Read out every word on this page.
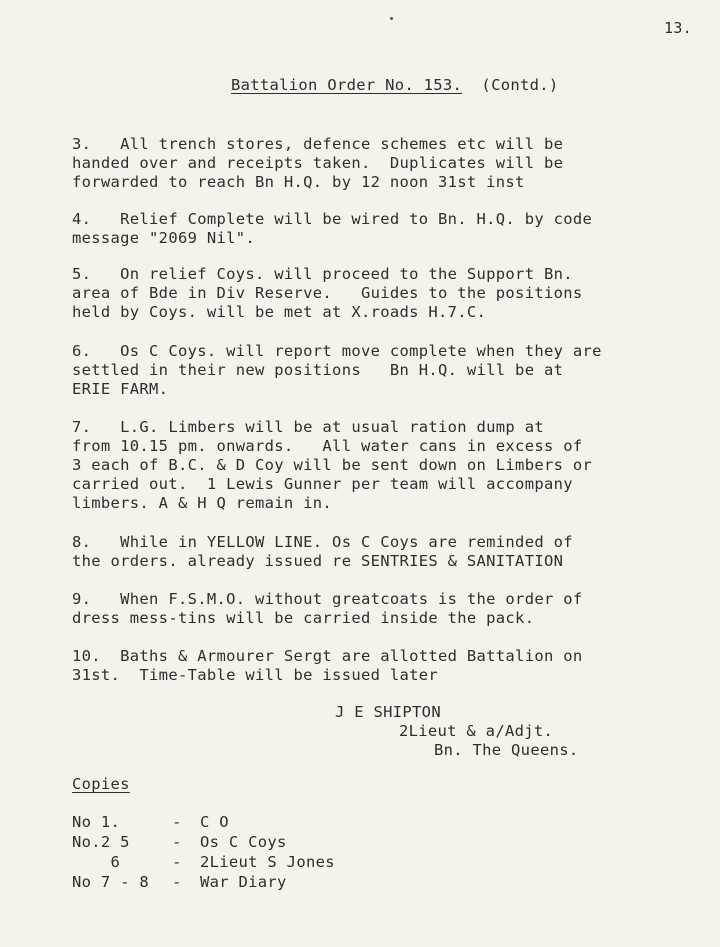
13.
Battalion Order No. 153.  (Contd.)
3.   All trench stores, defence schemes etc will be
handed over and receipts taken.  Duplicates will be
forwarded to reach Bn H.Q. by 12 noon 31st inst
4.   Relief Complete will be wired to Bn. H.Q. by code
message "2069 Nil".
5.   On relief Coys. will proceed to the Support Bn.
area of Bde in Div Reserve.   Guides to the positions
held by Coys. will be met at X.roads H.7.C.
6.   Os C Coys. will report move complete when they are
settled in their new positions   Bn H.Q. will be at
ERIE FARM.
7.   L.G. Limbers will be at usual ration dump at
from 10.15 pm. onwards.   All water cans in excess of
3 each of B.C. & D Coy will be sent down on Limbers or
carried out.  1 Lewis Gunner per team will accompany
limbers. A & H Q remain in.
8.   While in YELLOW LINE. Os C Coys are reminded of
the orders. already issued re SENTRIES & SANITATION
9.   When F.S.M.O. without greatcoats is the order of
dress mess-tins will be carried inside the pack.
10.  Baths & Armourer Sergt are allotted Battalion on
31st.  Time-Table will be issued later
J E SHIPTON
2Lieut & a/Adjt.
Bn. The Queens.
Copies
No 1.	-	C O
No.2 5	-	Os C Coys
6	-	2Lieut S Jones
No 7 - 8	-	War Diary
